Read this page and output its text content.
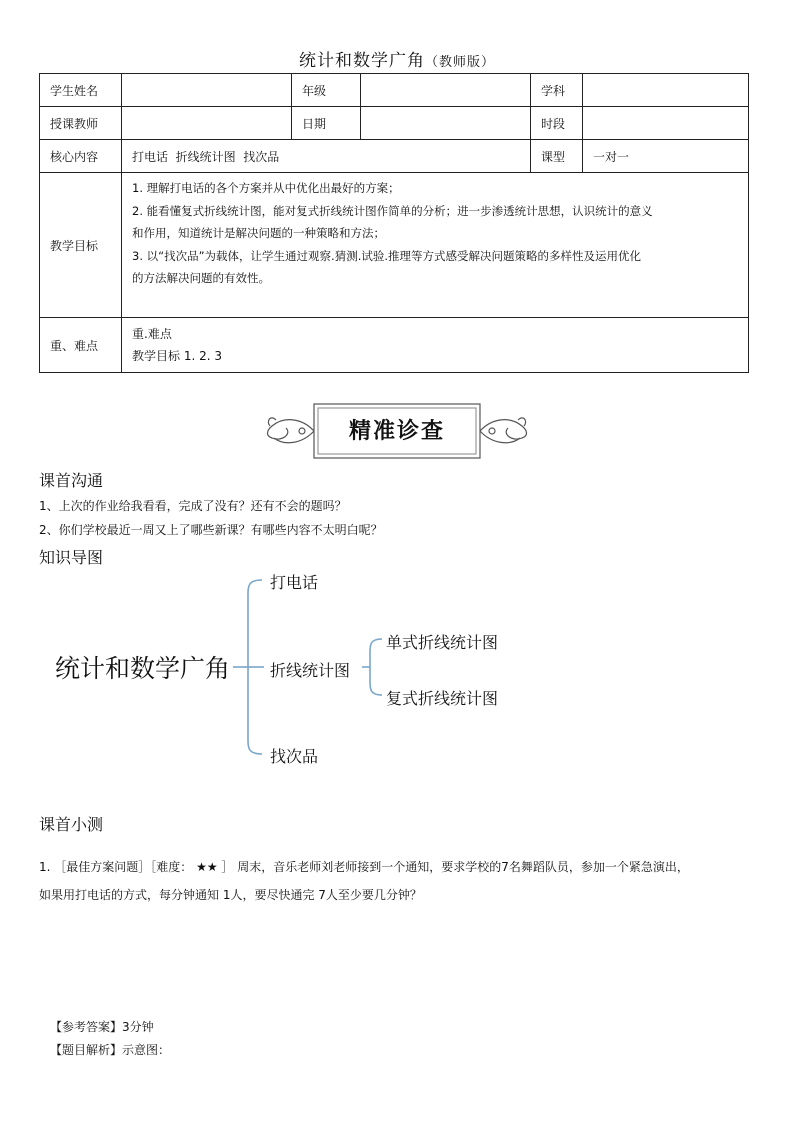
统计和数学广角（教师版）
学生姓名		年级		学科	
授课教师		日期		时段	
核心内容	打电话  折线统计图  找次品			课型	一对一
教学目标	1. 理解打电话的各个方案并从中优化出最好的方案；
2. 能看懂复式折线统计图，能对复式折线统计图作简单的分析；进一步渗透统计思想，认识统计的意义
和作用，知道统计是解决问题的一种策略和方法；
3. 以“找次品”为载体，让学生通过观察.猜测.试验.推理等方式感受解决问题策略的多样性及运用优化
的方法解决问题的有效性。				

重、难点	重.难点
教学目标 1. 2. 3				
精准诊查
课首沟通
1、上次的作业给我看看，完成了没有？还有不会的题吗？
2、你们学校最近一周又上了哪些新课？有哪些内容不太明白呢？
知识导图
统计和数学广角
打电话
折线统计图
找次品
单式折线统计图
复式折线统计图
课首小测
1. ［最佳方案问题］［难度： ★★ ］ 周末，音乐老师刘老师接到一个通知，要求学校的7名舞蹈队员，参加一个紧急演出，
如果用打电话的方式，每分钟通知 1人，要尽快通完 7人至少要几分钟？
【参考答案】3分钟
【题目解析】示意图：
